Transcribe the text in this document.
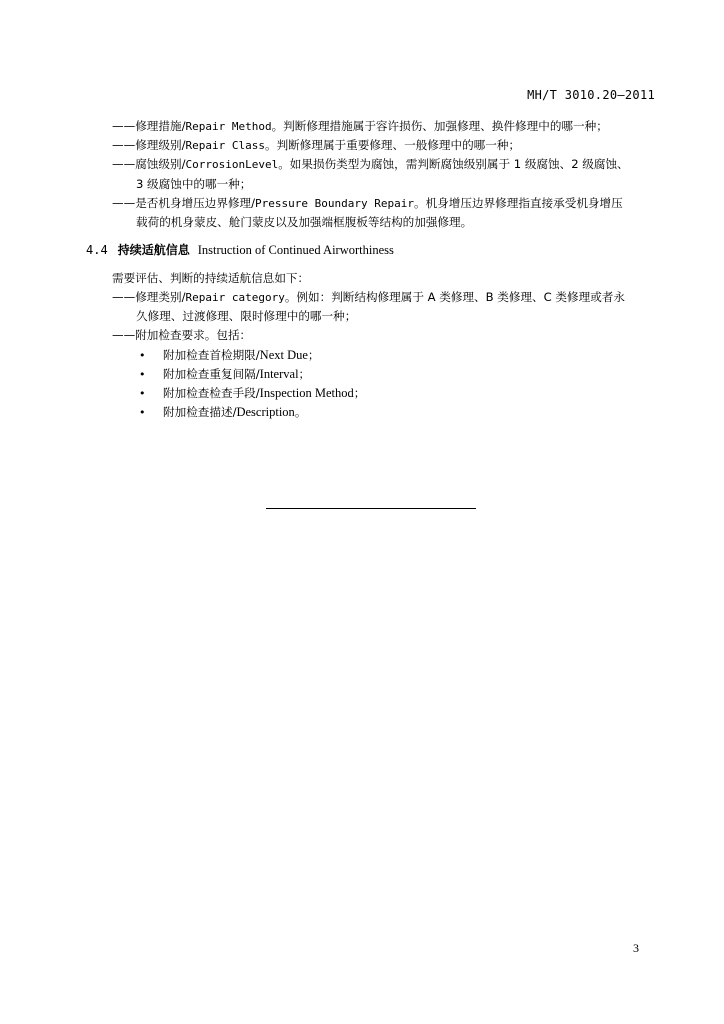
MH/T 3010.20—2011
——修理措施/Repair Method。判断修理措施属于容许损伤、加强修理、换件修理中的哪一种；
——修理级别/Repair Class。判断修理属于重要修理、一般修理中的哪一种；
——腐蚀级别/CorrosionLevel。如果损伤类型为腐蚀，需判断腐蚀级别属于 1 级腐蚀、2 级腐蚀、
3 级腐蚀中的哪一种；
——是否机身增压边界修理/Pressure Boundary Repair。机身增压边界修理指直接承受机身增压
载荷的机身蒙皮、舱门蒙皮以及加强端框腹板等结构的加强修理。
4.4 持续适航信息 Instruction of Continued Airworthiness
需要评估、判断的持续适航信息如下：
——修理类别/Repair category。例如：判断结构修理属于 A 类修理、B 类修理、C 类修理或者永
久修理、过渡修理、限时修理中的哪一种；
——附加检查要求。包括：
• 附加检查首检期限/Next Due；
• 附加检查重复间隔/Interval；
• 附加检查检查手段/Inspection Method；
• 附加检查描述/Description。
3
